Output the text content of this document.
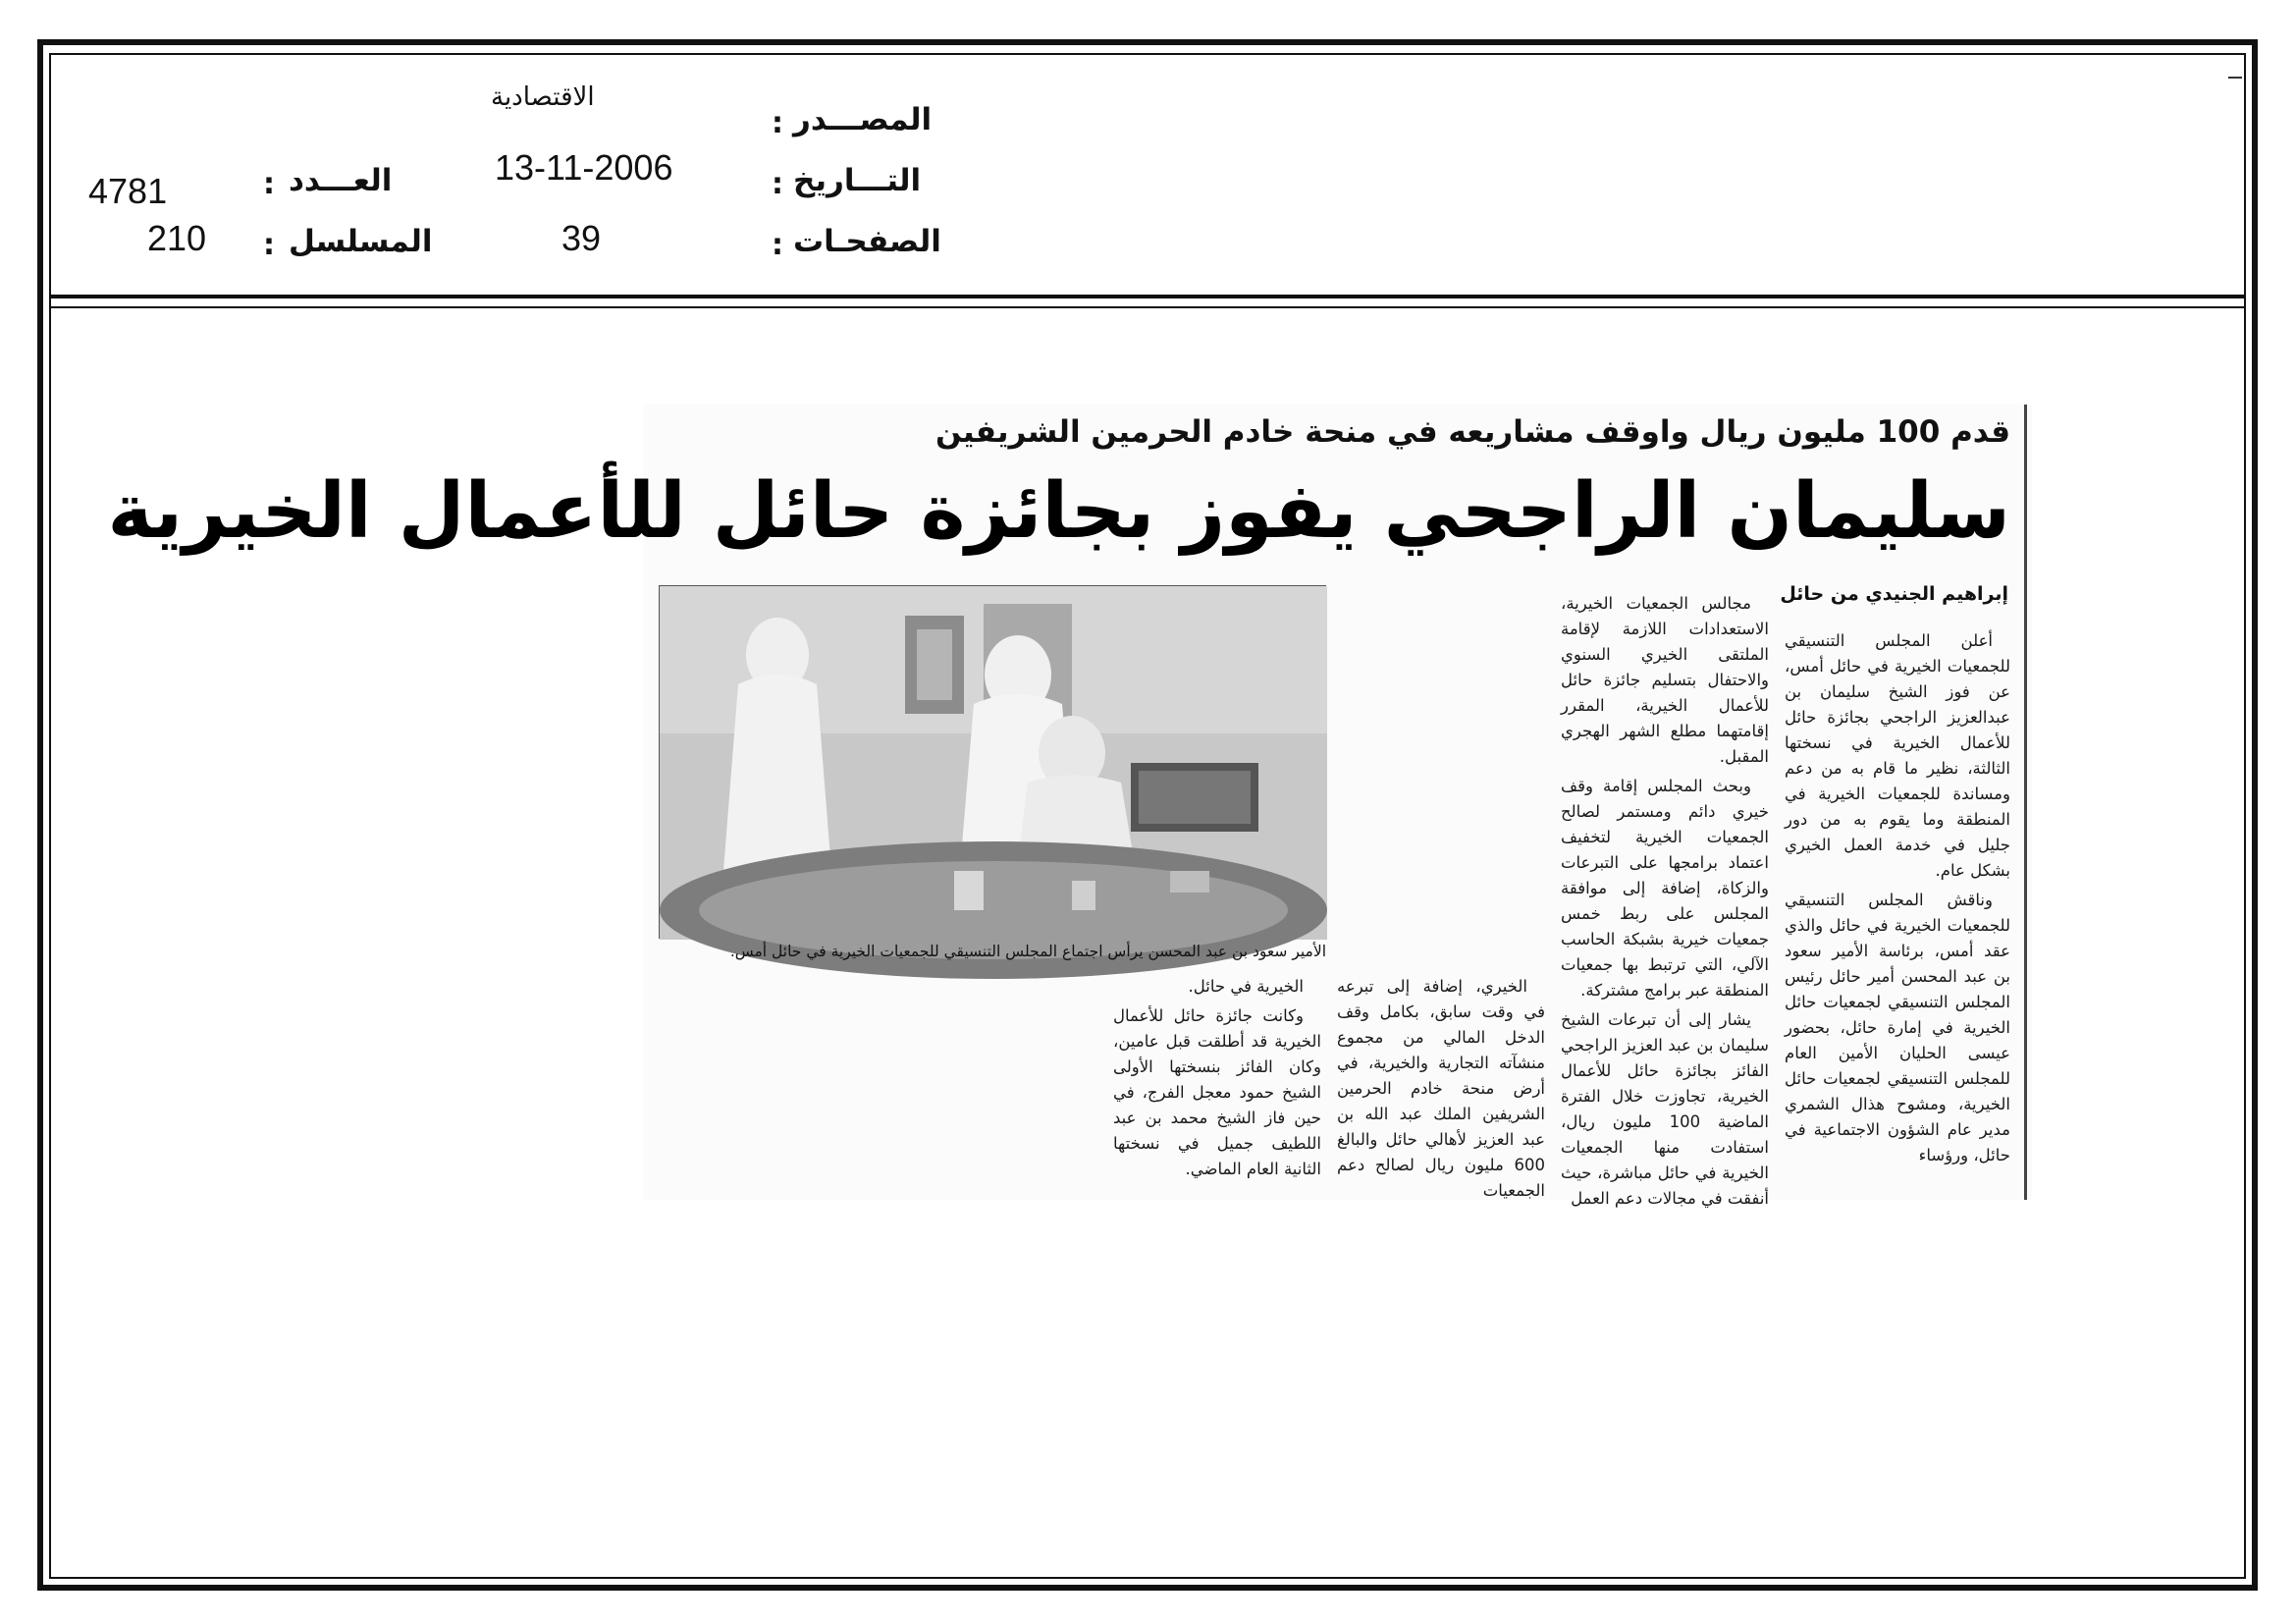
الاقتصادية
: المصـــدر
13-11-2006	: التـــاريخ
39	: الصفحـات
4781	: العـــدد
210 : المسلسل
قدم 100 مليون ريال واوقف مشاريعه في منحة خادم الحرمين الشريفين
سليمان الراجحي يفوز بجائزة حائل للأعمال الخيرية
إبراهيم الجنيدي من حائل

أعلن المجلس التنسيقي للجمعيات الخيرية في حائل أمس، عن فوز الشيخ سليمان بن عبدالعزيز الراجحي بجائزة حائل للأعمال الخيرية في نسختها الثالثة، نظير ما قام به من دعم ومساندة للجمعيات الخيرية في المنطقة وما يقوم به من دور جليل في خدمة العمل الخيري بشكل عام.

وناقش المجلس التنسيقي للجمعيات الخيرية في حائل والذي عقد أمس، برئاسة الأمير سعود بن عبد المحسن أمير حائل رئيس المجلس التنسيقي لجمعيات حائل الخيرية في إمارة حائل، بحضور عيسى الحليان الأمين العام للمجلس التنسيقي لجمعيات حائل الخيرية، ومشوح هذال الشمري مدير عام الشؤون الاجتماعية في حائل، ورؤساء

مجالس الجمعيات الخيرية، الاستعدادات اللازمة لإقامة الملتقى الخيري السنوي والاحتفال بتسليم جائزة حائل للأعمال الخيرية، المقرر إقامتهما مطلع الشهر الهجري المقبل.

وبحث المجلس إقامة وقف خيري دائم ومستمر لصالح الجمعيات الخيرية لتخفيف اعتماد برامجها على التبرعات والزكاة، إضافة إلى موافقة المجلس على ربط خمس جمعيات خيرية بشبكة الحاسب الآلي، التي ترتبط بها جمعيات المنطقة عبر برامج مشتركة.

يشار إلى أن تبرعات الشيخ سليمان بن عبد العزيز الراجحي الفائز بجائزة حائل للأعمال الخيرية، تجاوزت خلال الفترة الماضية 100 مليون ريال، استفادت منها الجمعيات الخيرية في حائل مباشرة، حيث أنفقت في مجالات دعم العمل

الأمير سعود بن عبد المحسن يرأس اجتماع المجلس التنسيقي للجمعيات الخيرية في حائل أمس.

الخيري، إضافة إلى تبرعه في وقت سابق، بكامل وقف الدخل المالي من مجموع منشآته التجارية والخيرية، في أرض منحة خادم الحرمين الشريفين الملك عبد الله بن عبد العزيز لأهالي حائل والبالغ 600 مليون ريال لصالح دعم الجمعيات

الخيرية في حائل.

وكانت جائزة حائل للأعمال الخيرية قد أطلقت قبل عامين، وكان الفائز بنسختها الأولى الشيخ حمود معجل الفرج، في حين فاز الشيخ محمد بن عبد اللطيف جميل في نسختها الثانية العام الماضي.
